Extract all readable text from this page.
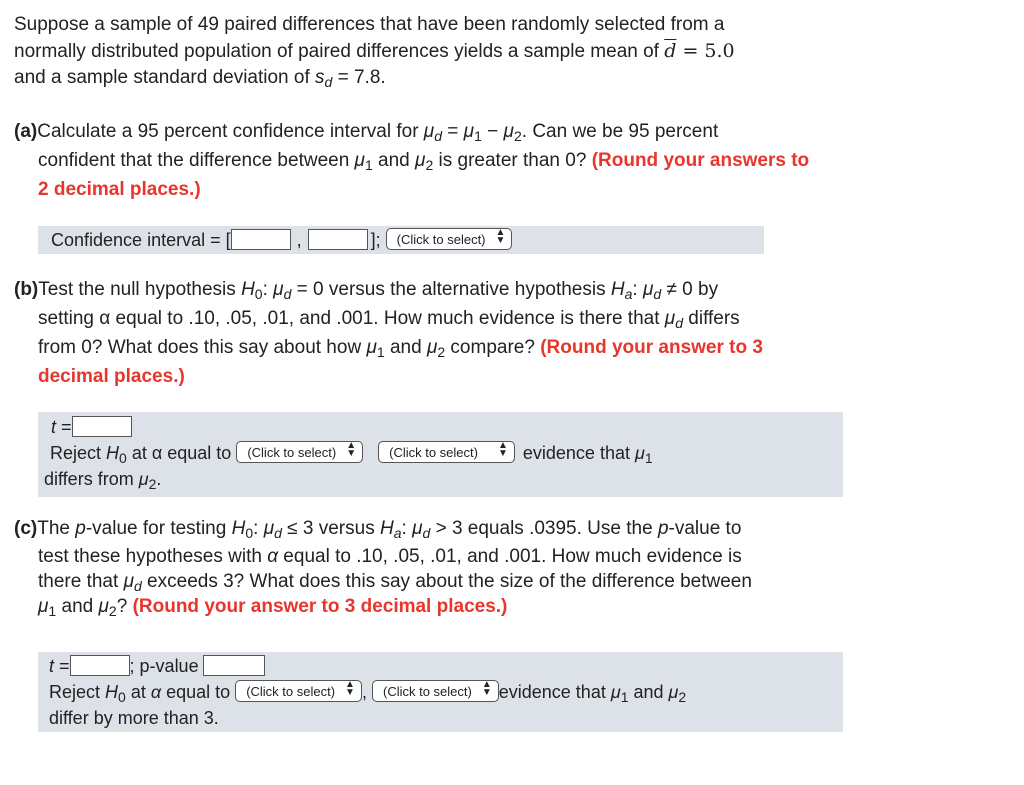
Suppose a sample of 49 paired differences that have been randomly selected from a
normally distributed population of paired differences yields a sample mean of $\overline{d} = 5.0$
and a sample standard deviation of $s_d = 7.8$.
(a)Calculate a 95 percent confidence interval for $\mu_d = \mu_1 - \mu_2$. Can we be 95 percent
confident that the difference between $\mu_1$ and $\mu_2$ is greater than 0? (Round your answers to 2 decimal places.)
Confidence interval = [	,	]; (Click to select) ▲
▼
(b)Test the null hypothesis $H_0$: $\mu_d = 0$ versus the alternative hypothesis $H_a$: $\mu_d \ne 0$ by
setting α equal to .10, .05, .01, and .001. How much evidence is there that $\mu_d$ differs
from 0? What does this say about how $\mu_1$ and $\mu_2$ compare? (Round your answer to 3 decimal places.)
t =
Reject $H_0$ at α equal to (Click to select) ▲
▼	(Click to select) ▲
▼ evidence that $\mu_1$
differs from $\mu_2$.
(c)The p-value for testing $H_0$: $\mu_d \le 3$ versus $H_a$: $\mu_d > 3$ equals .0395. Use the p-value to
test these hypotheses with α equal to .10, .05, .01, and .001. How much evidence is
there that $\mu_d$ exceeds 3? What does this say about the size of the difference between
$\mu_1$ and $\mu_2$? (Round your answer to 3 decimal places.)
t =	; p-value
Reject $H_0$ at α equal to (Click to select) ▲
▼ , (Click to select) ▲
▼ evidence that $\mu_1$ and $\mu_2$
differ by more than 3.
